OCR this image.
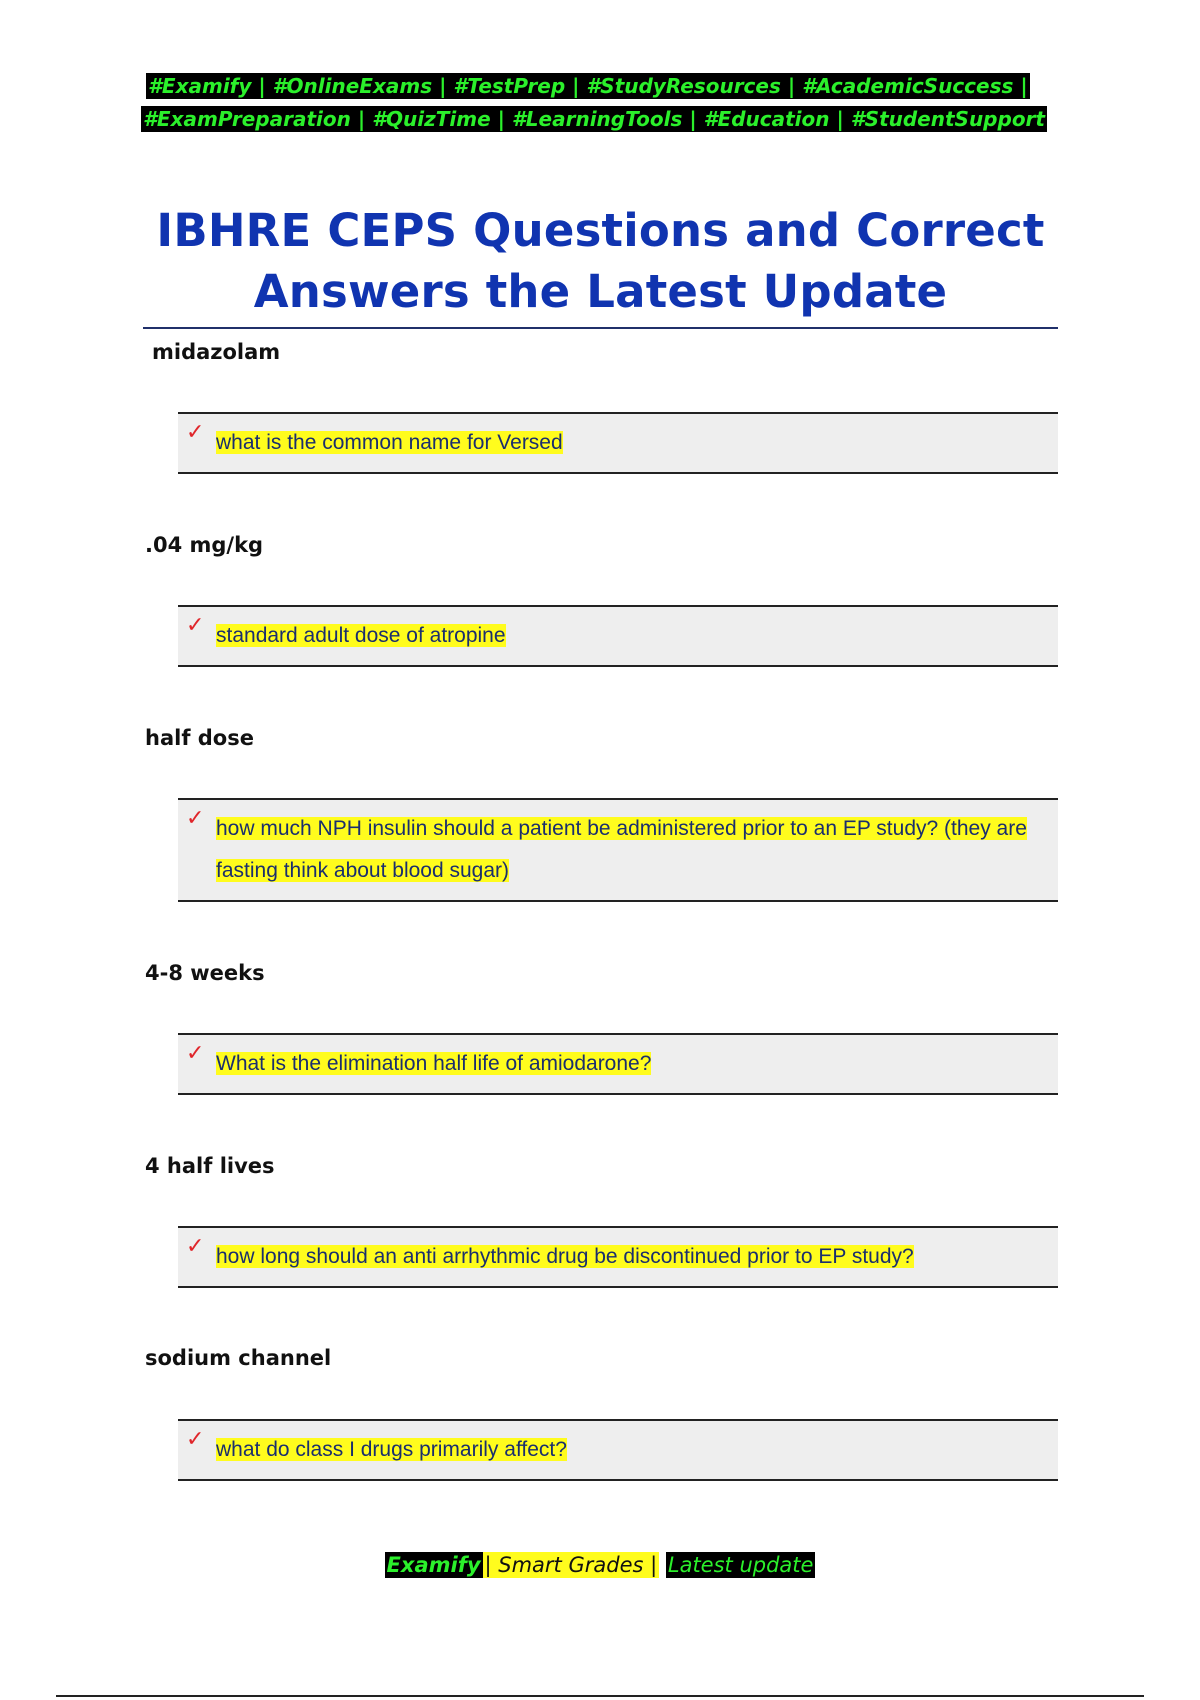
#Examify | #OnlineExams | #TestPrep | #StudyResources | #AcademicSuccess |
#ExamPreparation | #QuizTime | #LearningTools | #Education | #StudentSupport
IBHRE CEPS Questions and Correct
Answers the Latest Update
midazolam
✓ what is the common name for Versed
.04 mg/kg
✓ standard adult dose of atropine
half dose
✓ how much NPH insulin should a patient be administered prior to an EP study? (they are fasting think about blood sugar)
4-8 weeks
✓ What is the elimination half life of amiodarone?
4 half lives
✓ how long should an anti arrhythmic drug be discontinued prior to EP study?
sodium channel
✓ what do class I drugs primarily affect?
Examify | Smart Grades | Latest update
